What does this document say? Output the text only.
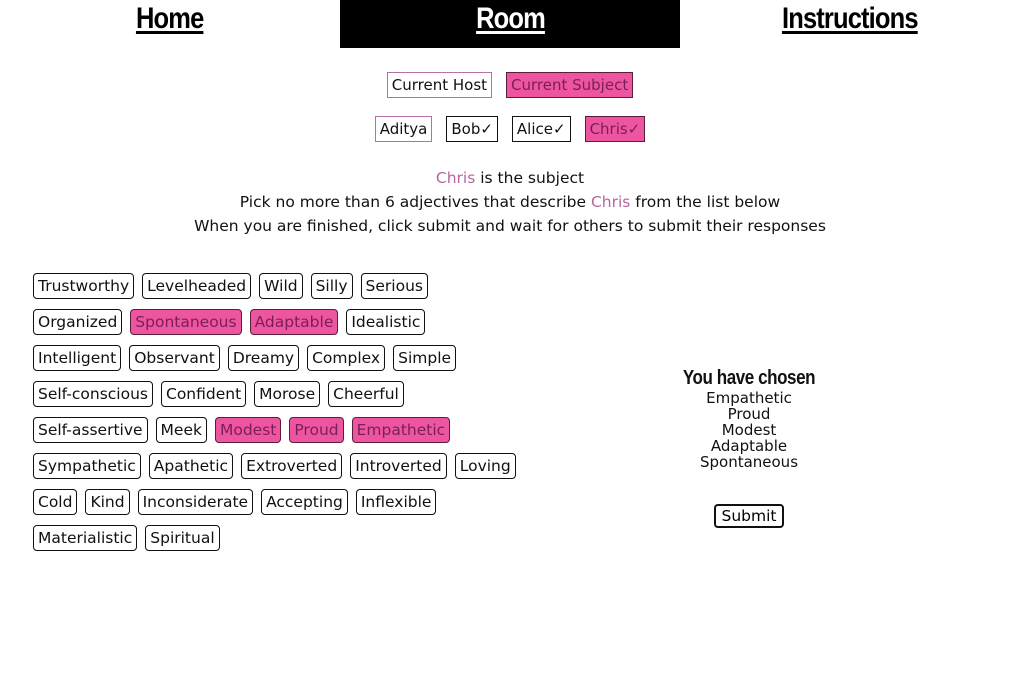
Home	Room	Instructions
Current Host	Current Subject
Aditya	Bob✓	Alice✓	Chris✓
Chris is the subject
Pick no more than 6 adjectives that describe Chris from the list below
When you are finished, click submit and wait for others to submit their responses
Trustworthy	Levelheaded	Wild	Silly	Serious
Organized	Spontaneous	Adaptable	Idealistic
Intelligent	Observant	Dreamy	Complex	Simple
Self-conscious	Confident	Morose	Cheerful
Self-assertive	Meek	Modest	Proud	Empathetic
Sympathetic	Apathetic	Extroverted	Introverted	Loving
Cold	Kind	Inconsiderate	Accepting	Inflexible
Materialistic	Spiritual
You have chosen
Empathetic
Proud
Modest
Adaptable
Spontaneous
Submit
